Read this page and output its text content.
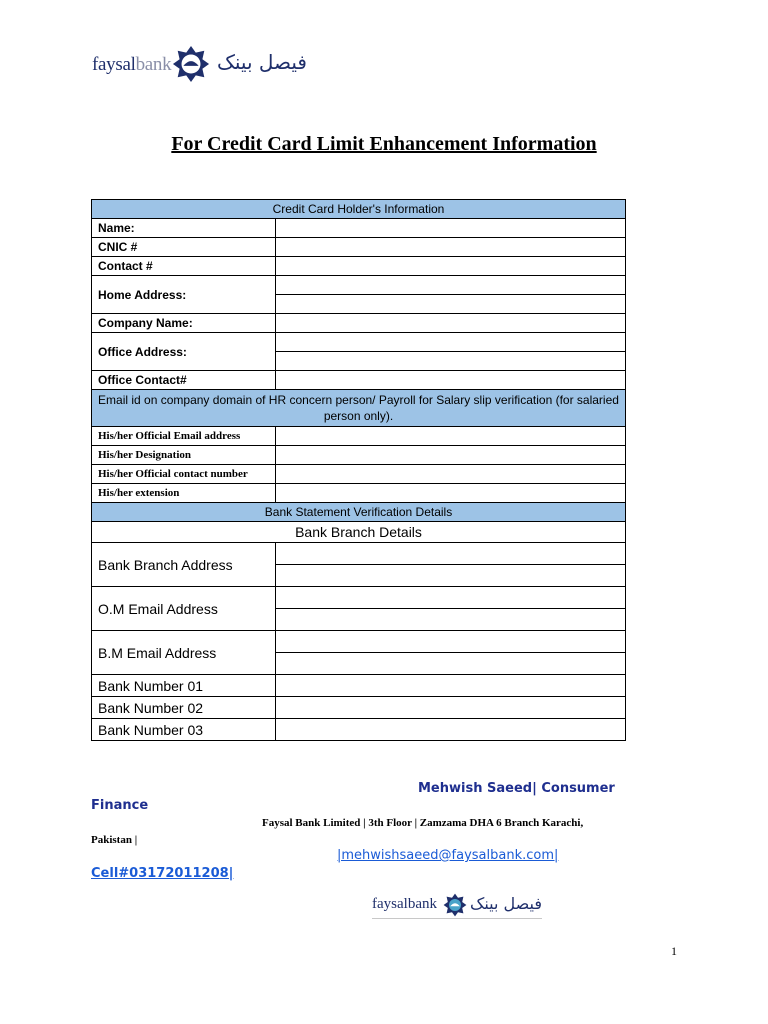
faysalbank فیصل بینک
For Credit Card Limit Enhancement Information
Credit Card Holder's Information	
Name:	
CNIC #	
Contact #	
Home Address:	

Company Name:	
Office Address:	

Office Contact#	
Email id on company domain of HR concern person/ Payroll for Salary slip verification (for salaried person only).	
His/her Official Email address	
His/her Designation	
His/her Official contact number	
His/her extension	
Bank Statement Verification Details	
Bank Branch Details	
Bank Branch Address	

O.M Email Address	

B.M Email Address	

Bank Number 01	
Bank Number 02	
Bank Number 03	
Mehwish Saeed| Consumer
Finance
Faysal Bank Limited | 3th Floor | Zamzama DHA 6 Branch Karachi,
Pakistan |
|mehwishsaeed@faysalbank.com|
Cell#03172011208|
faysalbank فیصل بینک
1
